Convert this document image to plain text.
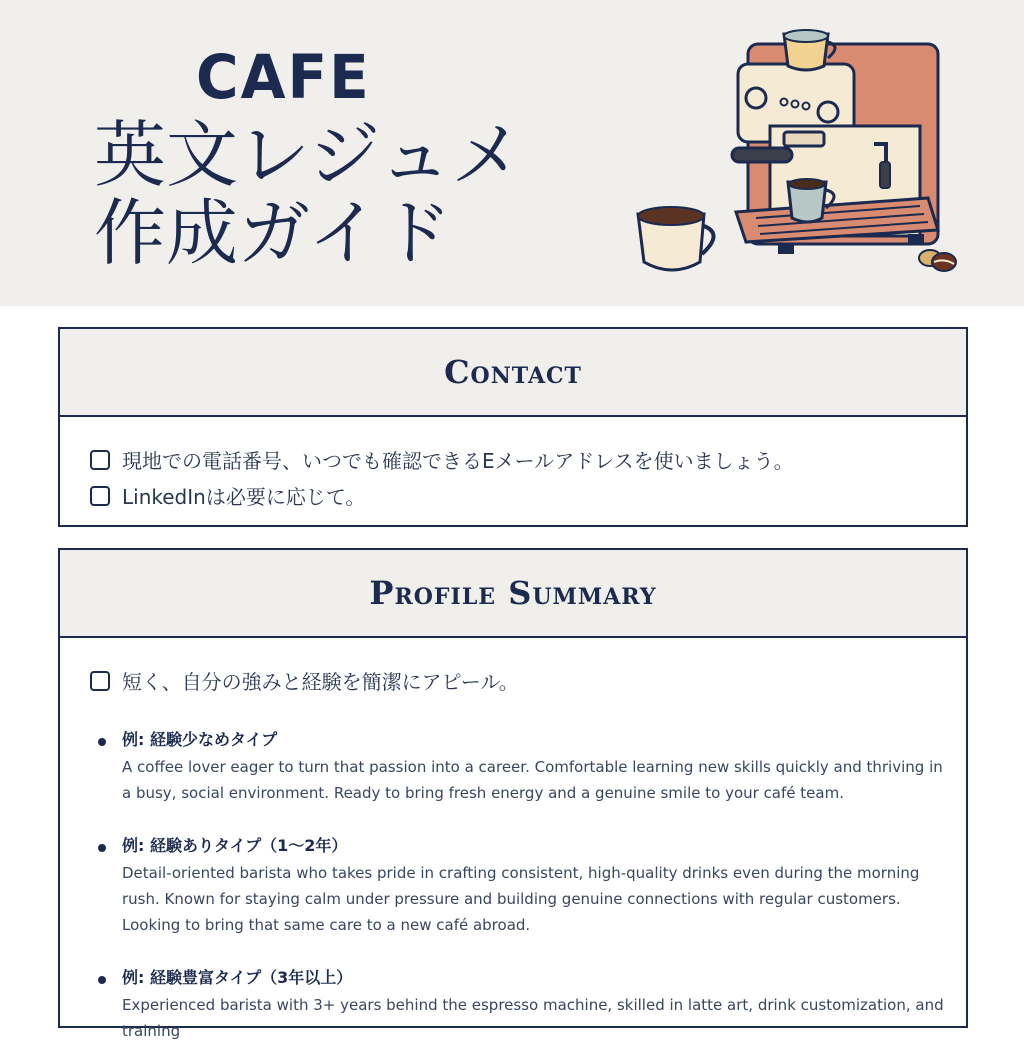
CAFE
英文レジュメ
作成ガイド
Contact
現地での電話番号、いつでも確認できるEメールアドレスを使いましょう。
LinkedInは必要に応じて。
Profile Summary
短く、自分の強みと経験を簡潔にアピール。
例: 経験少なめタイプ
A coffee lover eager to turn that passion into a career. Comfortable learning new skills quickly and thriving in a busy, social environment. Ready to bring fresh energy and a genuine smile to your café team.
例: 経験ありタイプ（1〜2年）
Detail-oriented barista who takes pride in crafting consistent, high-quality drinks even during the morning rush. Known for staying calm under pressure and building genuine connections with regular customers. Looking to bring that same care to a new café abroad.
例: 経験豊富タイプ（3年以上）
Experienced barista with 3+ years behind the espresso machine, skilled in latte art, drink customization, and training
